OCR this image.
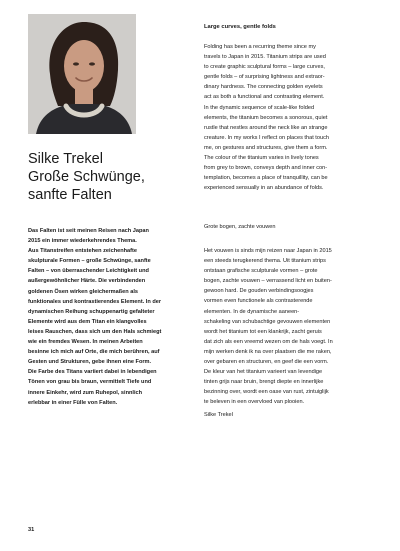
Silke Trekel
Große Schwünge, sanfte Falten
Das Falten ist seit meinen Reisen nach Japan
2015 ein immer wiederkehrendes Thema.
Aus Titanstreifen entstehen zeichenhafte
skulpturale Formen – große Schwünge, sanfte
Falten – von überraschender Leichtigkeit und
außergewöhnlicher Härte. Die verbindenden
goldenen Ösen wirken gleichermaßen als
funktionales und kontrastierendes Element. In der
dynamischen Reihung schuppenartig gefalteter
Elemente wird aus dem Titan ein klangvolles
leises Rauschen, dass sich um den Hals schmiegt
wie ein fremdes Wesen. In meinen Arbeiten
besinne ich mich auf Orte, die mich berühren, auf
Gesten und Strukturen, gebe ihnen eine Form.
Die Farbe des Titans variiert dabei in lebendigen
Tönen von grau bis braun, vermittelt Tiefe und
innere Einkehr, wird zum Ruhepol, sinnlich
erlebbar in einer Fülle von Falten.
Large curves, gentle folds
Folding has been a recurring theme since my
travels to Japan in 2015. Titanium strips are used
to create graphic sculptural forms – large curves,
gentle folds – of surprising lightness and extraor-
dinary hardness. The connecting golden eyelets
act as both a functional and contrasting element.
In the dynamic sequence of scale-like folded
elements, the titanium becomes a sonorous, quiet
rustle that nestles around the neck like an strange
creature. In my works I reflect on places that touch
me, on gestures and structures, give them a form.
The colour of the titanium varies in lively tones
from grey to brown, conveys depth and inner con-
templation, becomes a place of tranquillity, can be
experienced sensually in an abundance of folds.
Grote bogen, zachte vouwen
Het vouwen is sinds mijn reizen naar Japan in 2015
een steeds terugkerend thema. Uit titanium strips
ontstaan grafische sculpturale vormen – grote
bogen, zachte vouwen – verrassend licht en buiten-
gewoon hard. De gouden verbindingsoogjes
vormen even functionele als contrasterende
elementen. In de dynamische aaneen-
schakeling van schubachtige gevouwen elementen
wordt het titanium tot een klankrijk, zacht geruis
dat zich als een vreemd wezen om de hals voegt. In
mijn werken denk ik na over plaatsen die me raken,
over gebaren en structuren, en geef die een vorm.
De kleur van het titanium varieert van levendige
tinten grijs naar bruin, brengt diepte en innerlijke
bezinning over, wordt een oase van rust, zintuiglijk
te beleven in een overvloed van plooien.
Silke Trekel
31
